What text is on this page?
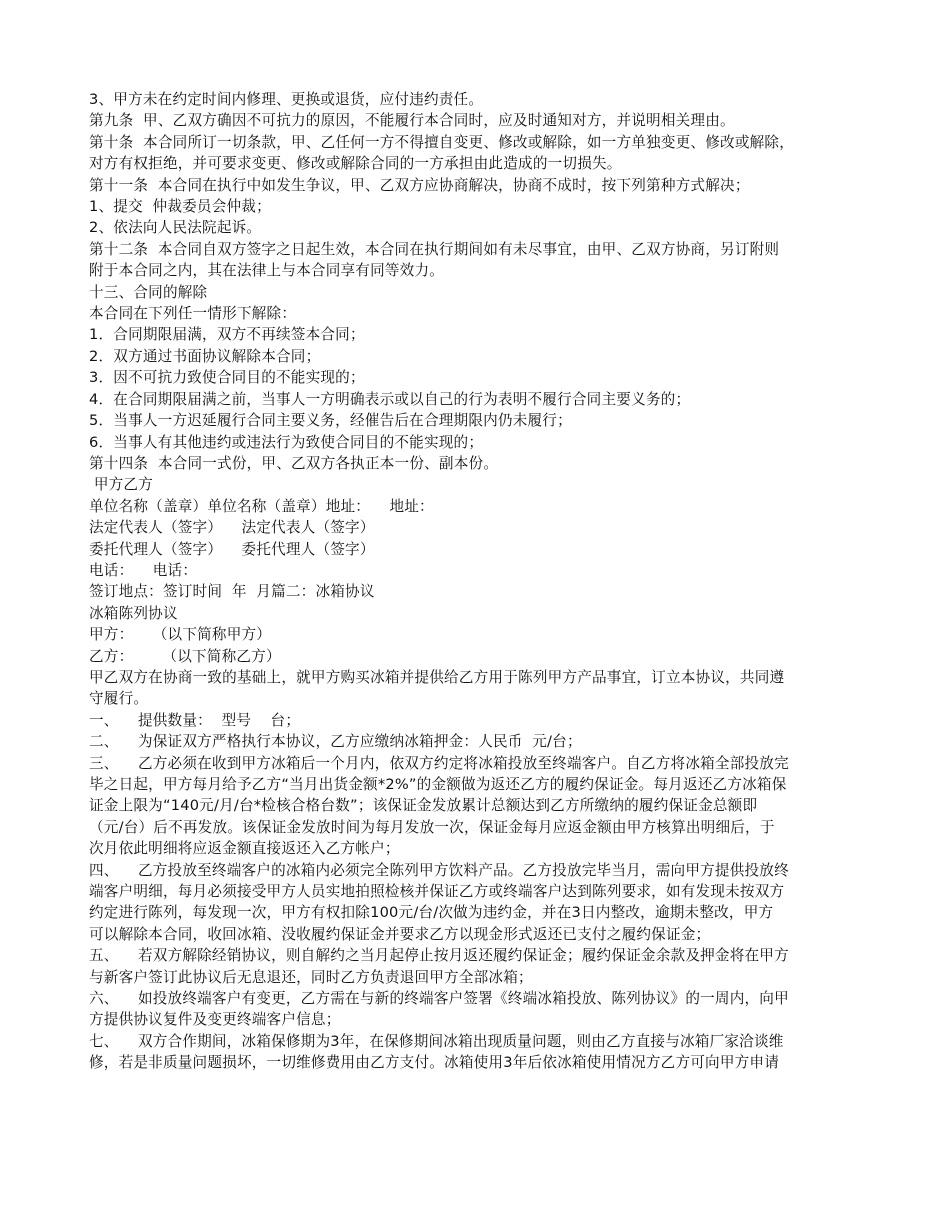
3、甲方未在约定时间内修理、更换或退货，应付违约责任。
第九条  甲、乙双方确因不可抗力的原因，不能履行本合同时，应及时通知对方，并说明相关理由。
第十条  本合同所订一切条款，甲、乙任何一方不得擅自变更、修改或解除，如一方单独变更、修改或解除，
对方有权拒绝，并可要求变更、修改或解除合同的一方承担由此造成的一切损失。
第十一条  本合同在执行中如发生争议，甲、乙双方应协商解决，协商不成时，按下列第种方式解决；
1、提交  仲裁委员会仲裁；
2、依法向人民法院起诉。
第十二条  本合同自双方签字之日起生效，本合同在执行期间如有未尽事宜，由甲、乙双方协商，另订附则
附于本合同之内，其在法律上与本合同享有同等效力。
十三、合同的解除
本合同在下列任一情形下解除：
1．合同期限届满，双方不再续签本合同；
2．双方通过书面协议解除本合同；
3．因不可抗力致使合同目的不能实现的；
4．在合同期限届满之前，当事人一方明确表示或以自己的行为表明不履行合同主要义务的；
5．当事人一方迟延履行合同主要义务，经催告后在合理期限内仍未履行；
6．当事人有其他违约或违法行为致使合同目的不能实现的；
第十四条  本合同一式份，甲、乙双方各执正本一份、副本份。
甲方乙方
单位名称（盖章）单位名称（盖章）地址：    地址：
法定代表人（签字）    法定代表人（签字）
委托代理人（签字）    委托代理人（签字）
电话：    电话：
签订地点：签订时间  年  月篇二：冰箱协议
冰箱陈列协议
甲方：    （以下简称甲方）
乙方：      （以下简称乙方）
甲乙双方在协商一致的基础上，就甲方购买冰箱并提供给乙方用于陈列甲方产品事宜，订立本协议，共同遵
守履行。
一、    提供数量：  型号    台；
二、    为保证双方严格执行本协议，乙方应缴纳冰箱押金：人民币  元/台；
三、    乙方必须在收到甲方冰箱后一个月内，依双方约定将冰箱投放至终端客户。自乙方将冰箱全部投放完
毕之日起，甲方每月给予乙方“当月出货金额*2%”的金额做为返还乙方的履约保证金。每月返还乙方冰箱保
证金上限为“140元/月/台*检核合格台数”；该保证金发放累计总额达到乙方所缴纳的履约保证金总额即
（元/台）后不再发放。该保证金发放时间为每月发放一次，保证金每月应返金额由甲方核算出明细后，于
次月依此明细将应返金额直接返还入乙方帐户；
四、    乙方投放至终端客户的冰箱内必须完全陈列甲方饮料产品。乙方投放完毕当月，需向甲方提供投放终
端客户明细，每月必须接受甲方人员实地拍照检核并保证乙方或终端客户达到陈列要求，如有发现未按双方
约定进行陈列，每发现一次，甲方有权扣除100元/台/次做为违约金，并在3日内整改，逾期未整改，甲方
可以解除本合同，收回冰箱、没收履约保证金并要求乙方以现金形式返还已支付之履约保证金；
五、    若双方解除经销协议，则自解约之当月起停止按月返还履约保证金；履约保证金余款及押金将在甲方
与新客户签订此协议后无息退还，同时乙方负责退回甲方全部冰箱；
六、    如投放终端客户有变更，乙方需在与新的终端客户签署《终端冰箱投放、陈列协议》的一周内，向甲
方提供协议复件及变更终端客户信息；
七、    双方合作期间，冰箱保修期为3年，在保修期间冰箱出现质量问题，则由乙方直接与冰箱厂家洽谈维
修，若是非质量问题损坏，一切维修费用由乙方支付。冰箱使用3年后依冰箱使用情况方乙方可向甲方申请
